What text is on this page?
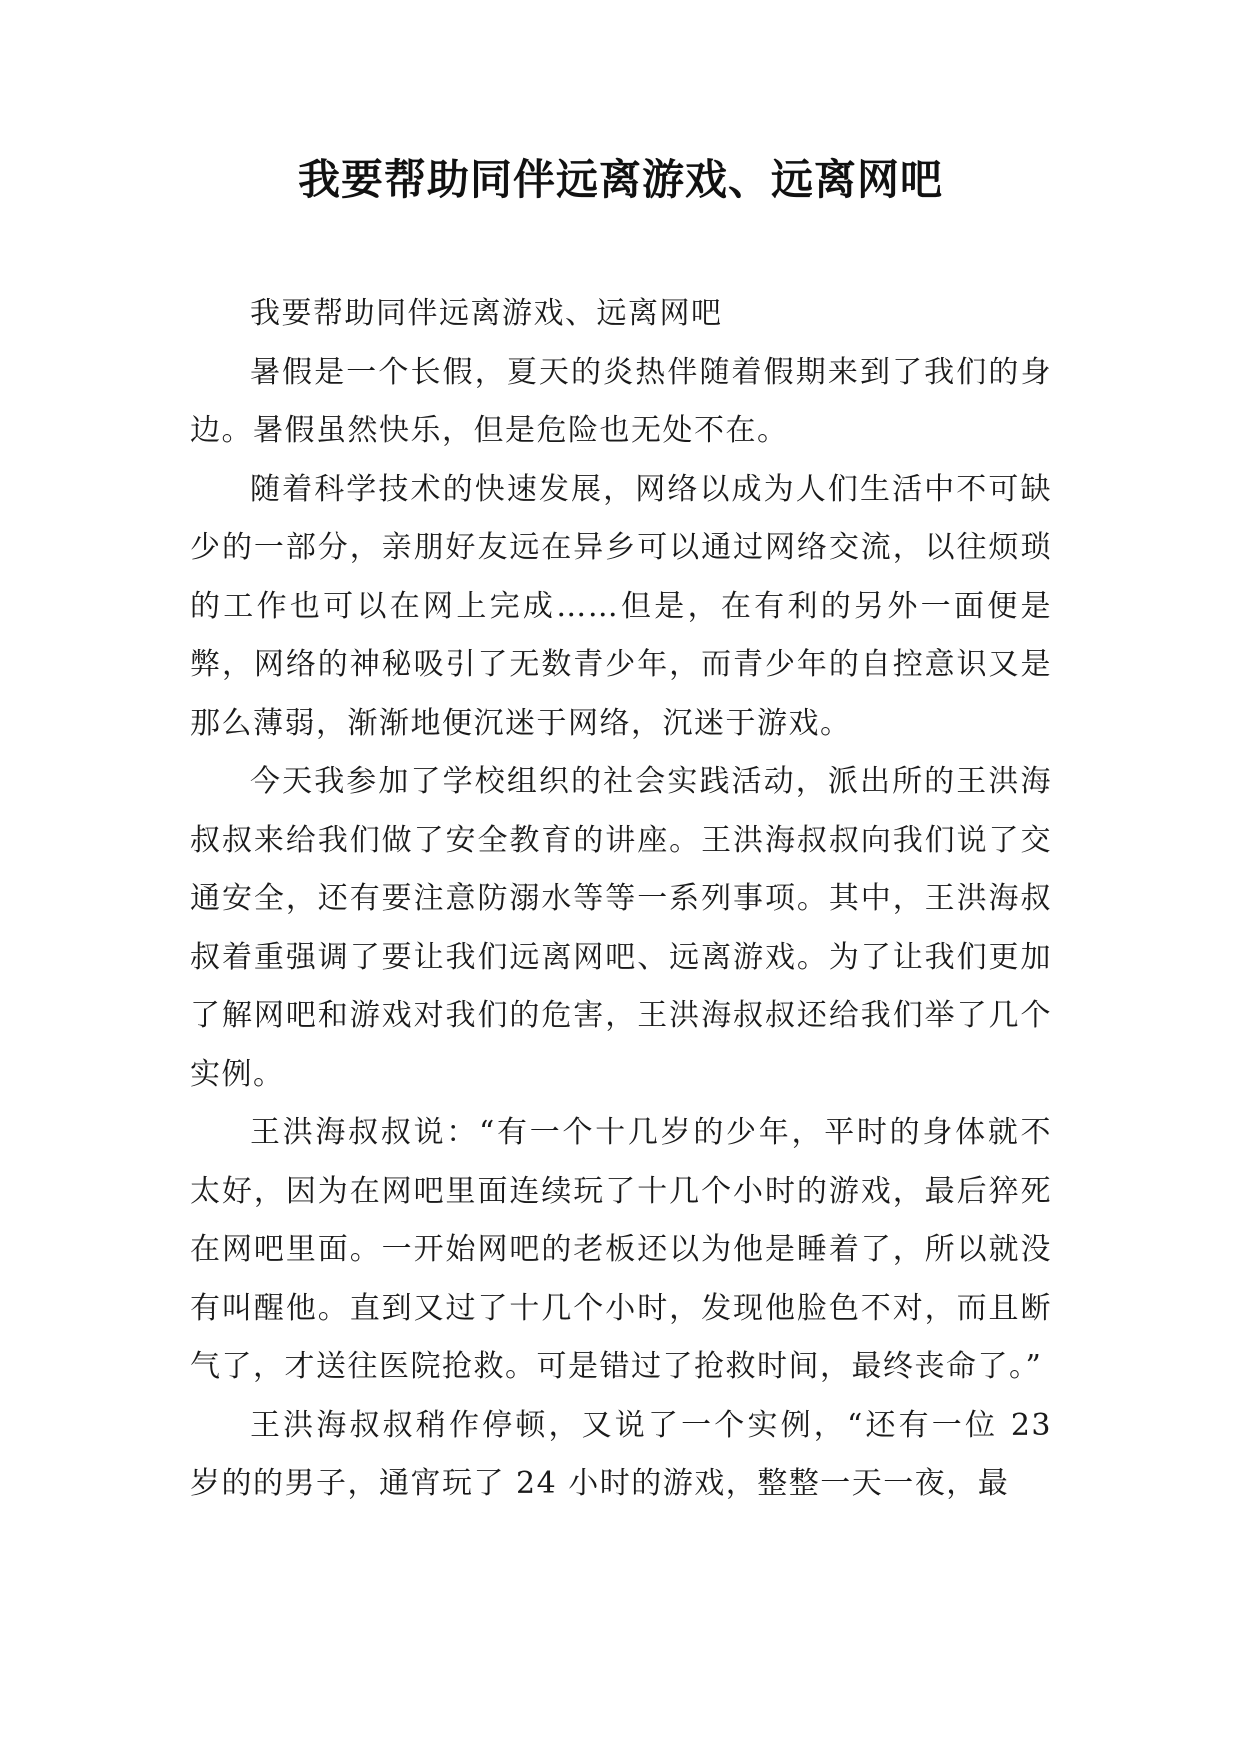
我要帮助同伴远离游戏、远离网吧

我要帮助同伴远离游戏、远离网吧

暑假是一个长假，夏天的炎热伴随着假期来到了我们的身边。暑假虽然快乐，但是危险也无处不在。

随着科学技术的快速发展，网络以成为人们生活中不可缺少的一部分，亲朋好友远在异乡可以通过网络交流，以往烦琐的工作也可以在网上完成……但是，在有利的另外一面便是弊，网络的神秘吸引了无数青少年，而青少年的自控意识又是那么薄弱，渐渐地便沉迷于网络，沉迷于游戏。

今天我参加了学校组织的社会实践活动，派出所的王洪海叔叔来给我们做了安全教育的讲座。王洪海叔叔向我们说了交通安全，还有要注意防溺水等等一系列事项。其中，王洪海叔叔着重强调了要让我们远离网吧、远离游戏。为了让我们更加了解网吧和游戏对我们的危害，王洪海叔叔还给我们举了几个实例。

王洪海叔叔说：“有一个十几岁的少年，平时的身体就不太好，因为在网吧里面连续玩了十几个小时的游戏，最后猝死在网吧里面。一开始网吧的老板还以为他是睡着了，所以就没有叫醒他。直到又过了十几个小时，发现他脸色不对，而且断气了，才送往医院抢救。可是错过了抢救时间，最终丧命了。”

王洪海叔叔稍作停顿，又说了一个实例，“还有一位 23 岁的的男子，通宵玩了 24 小时的游戏，整整一天一夜，最
